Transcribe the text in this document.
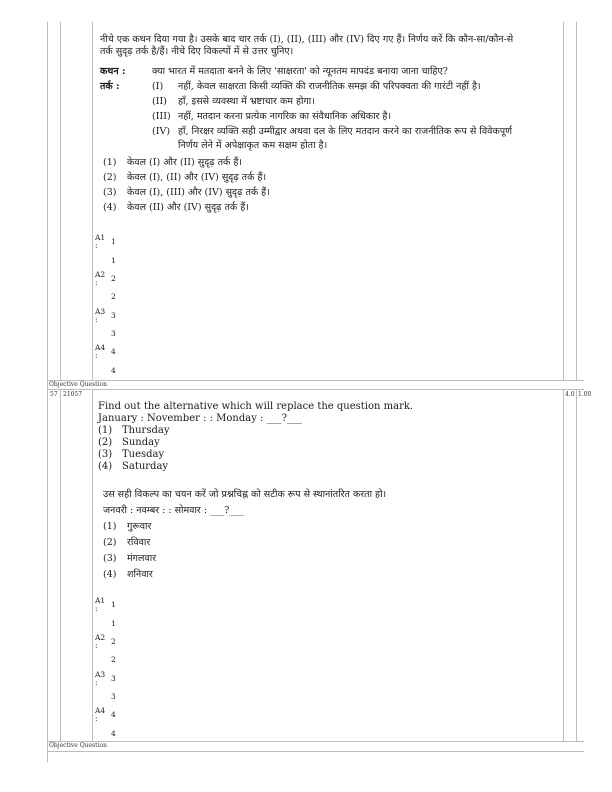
नीचे एक कथन दिया गया है। उसके बाद चार तर्क (I), (II), (III) और (IV) दिए गए हैं। निर्णय करें कि कौन-सा/कौन-से
तर्क सुदृढ़ तर्क है/हैं। नीचे दिए विकल्पों में से उत्तर चुनिए।
कथन :	क्या भारत में मतदाता बनने के लिए 'साक्षरता' को न्यूनतम मापदंड बनाया जाना चाहिए?
तर्क :	(I) नहीं, केवल साक्षरता किसी व्यक्ति की राजनीतिक समझ की परिपक्वता की गारंटी नहीं है।
(II) हाँ, इससे व्यवस्था में भ्रष्टाचार कम होगा।
(III) नहीं, मतदान करना प्रत्येक नागरिक का संवैधानिक अधिकार है।
(IV) हाँ, निरक्षर व्यक्ति सही उम्मीद्वार अथवा दल के लिए मतदान करने का राजनीतिक रूप से विवेकपूर्ण
निर्णय लेने में अपेक्षाकृत कम सक्षम होता है।
(1) केवल (I) और (II) सुदृढ़ तर्क हैं।
(2) केवल (I), (II) और (IV) सुदृढ़ तर्क हैं।
(3) केवल (I), (III) और (IV) सुदृढ़ तर्क हैं।
(4) केवल (II) और (IV) सुदृढ़ तर्क हैं।
A1
: 1
1
A2
: 2
2
A3
: 3
3
A4
: 4
4
Objective Question
57 21057	4.0 1.00
Find out the alternative which will replace the question mark.
January : November : : Monday : ___?___
(1) Thursday
(2) Sunday
(3) Tuesday
(4) Saturday
उस सही विकल्प का चयन करें जो प्रश्नचिह्न को सटीक रूप से स्थानांतरित करता हो।
जनवरी : नवम्बर : : सोमवार : ___?___
(1) गुरूवार
(2) रविवार
(3) मंगलवार
(4) शनिवार
A1
: 1
1
A2
: 2
2
A3
: 3
3
A4
: 4
4
Objective Question
